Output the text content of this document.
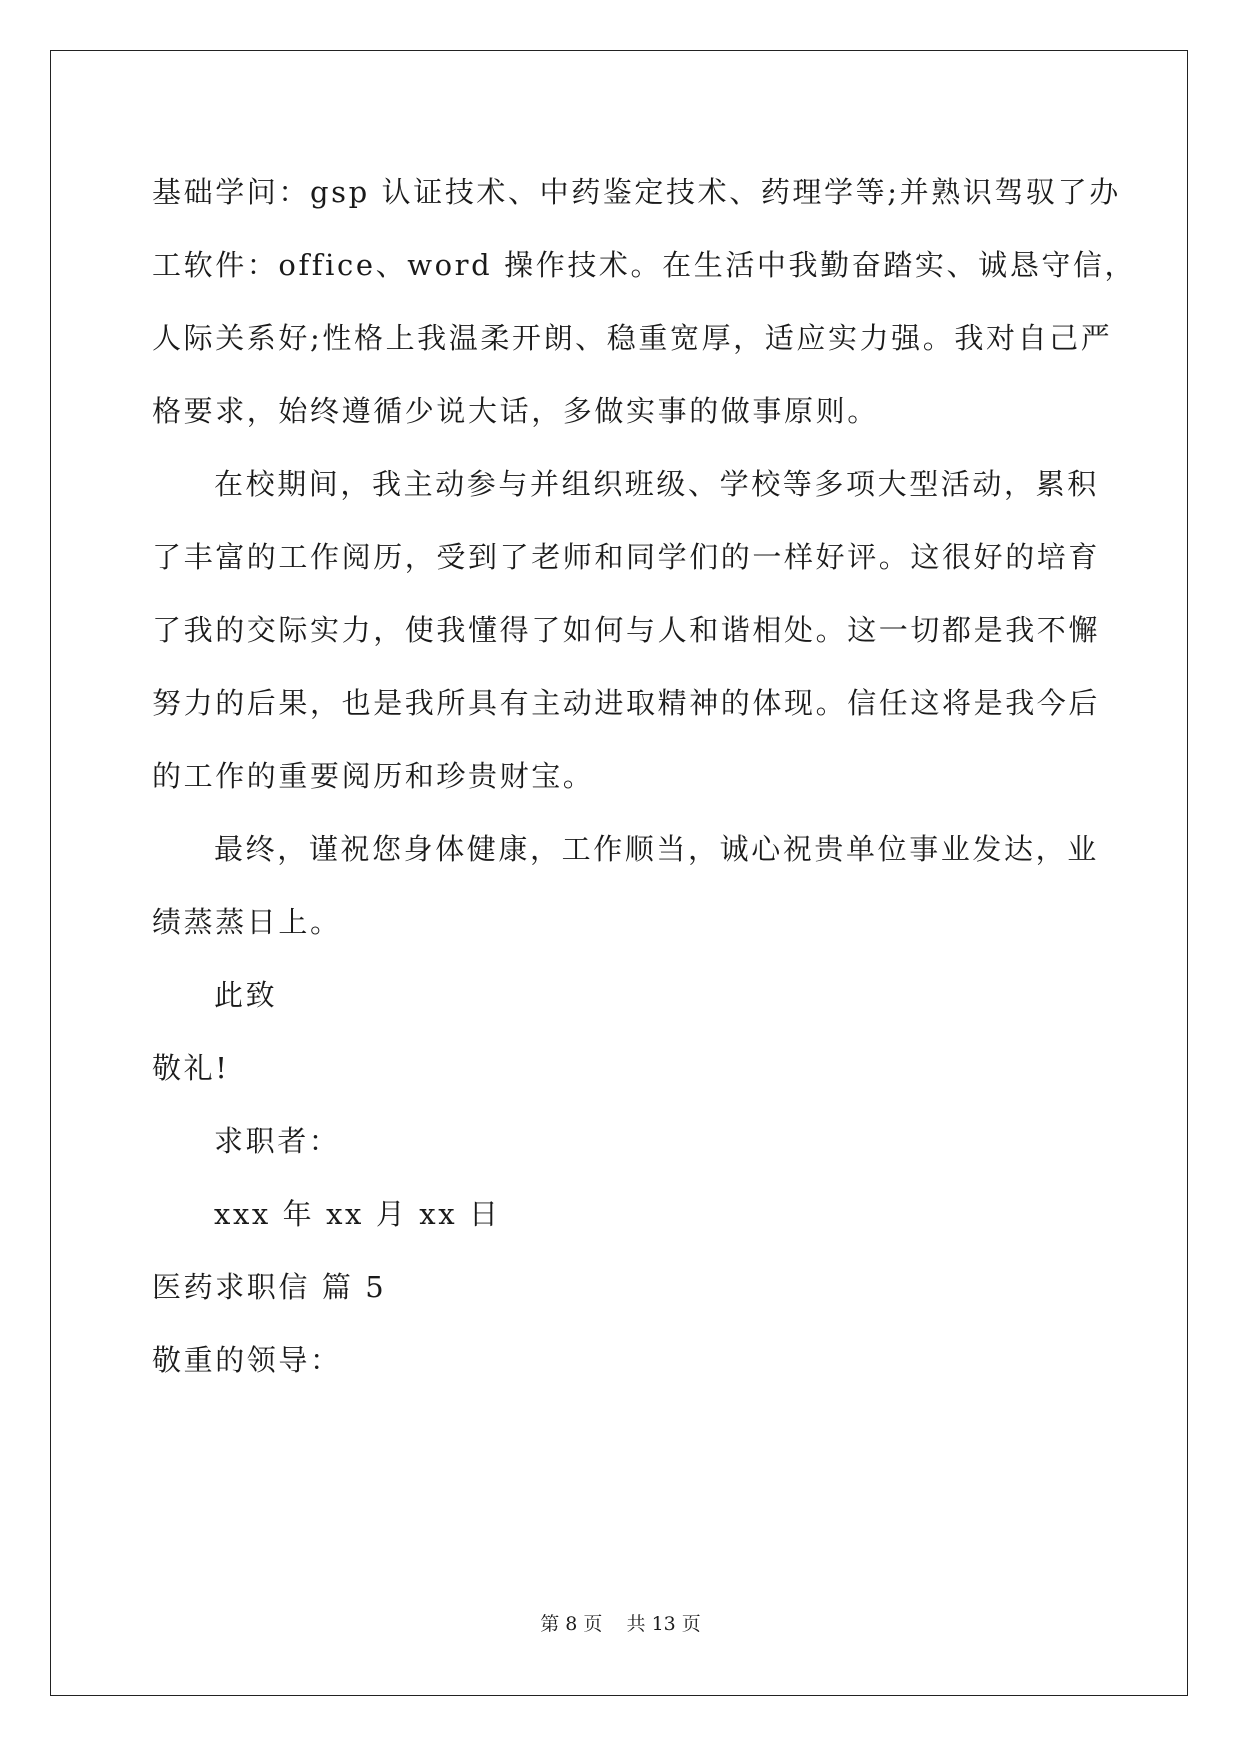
基础学问：gsp 认证技术、中药鉴定技术、药理学等;并熟识驾驭了办
工软件：office、word 操作技术。在生活中我勤奋踏实、诚恳守信，
人际关系好;性格上我温柔开朗、稳重宽厚，适应实力强。我对自己严
格要求，始终遵循少说大话，多做实事的做事原则。
在校期间，我主动参与并组织班级、学校等多项大型活动，累积
了丰富的工作阅历，受到了老师和同学们的一样好评。这很好的培育
了我的交际实力，使我懂得了如何与人和谐相处。这一切都是我不懈
努力的后果，也是我所具有主动进取精神的体现。信任这将是我今后
的工作的重要阅历和珍贵财宝。
最终，谨祝您身体健康，工作顺当，诚心祝贵单位事业发达，业
绩蒸蒸日上。
此致
敬礼!
求职者：
xxx 年 xx 月 xx 日
医药求职信 篇 5
敬重的领导：
第 8 页    共 13 页
